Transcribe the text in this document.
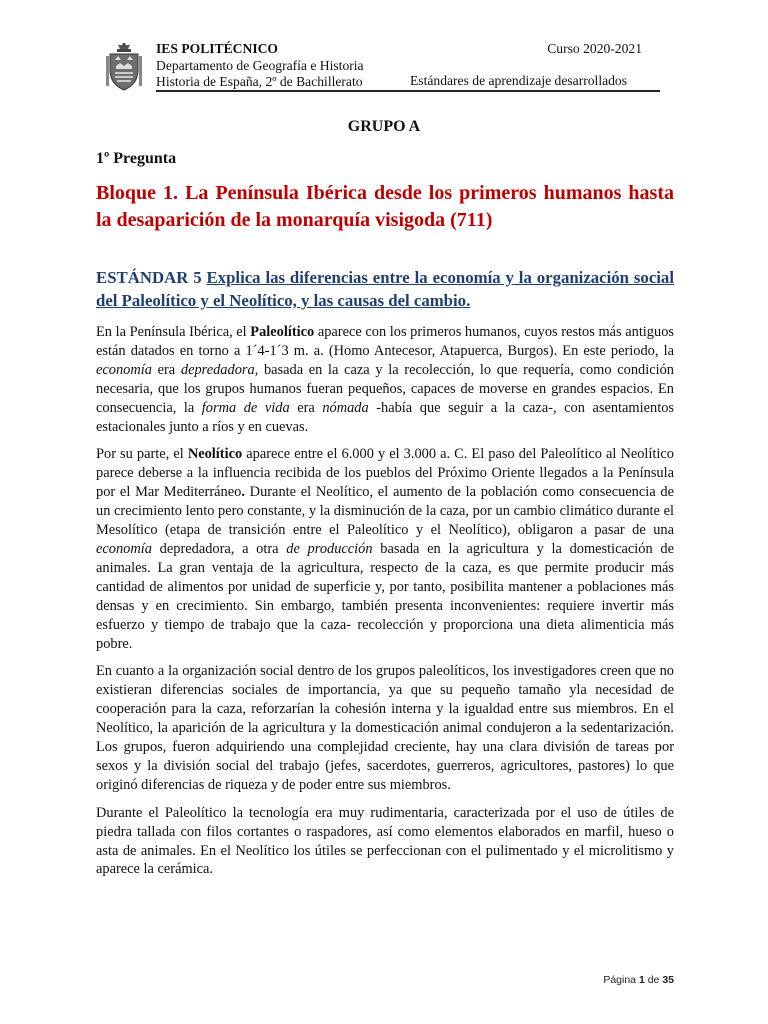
IES POLITÉCNICO
Departamento de Geografía e Historia
Historia de España, 2º de Bachillerato
Curso 2020-2021
Estándares de aprendizaje desarrollados
GRUPO A
1º Pregunta
Bloque 1. La Península Ibérica desde los primeros humanos hasta la desaparición de la monarquía visigoda (711)
ESTÁNDAR 5 Explica las diferencias entre la economía y la organización social del Paleolítico y el Neolítico, y las causas del cambio.

En la Península Ibérica, el Paleolítico aparece con los primeros humanos, cuyos restos más antiguos están datados en torno a 1´4-1´3 m. a. (Homo Antecesor, Atapuerca, Burgos). En este periodo, la economía era depredadora, basada en la caza y la recolección, lo que requería, como condición necesaria, que los grupos humanos fueran pequeños, capaces de moverse en grandes espacios. En consecuencia, la forma de vida era nómada -había que seguir a la caza-, con asentamientos estacionales junto a ríos y en cuevas.

Por su parte, el Neolítico aparece entre el 6.000 y el 3.000 a. C. El paso del Paleolítico al Neolítico parece deberse a la influencia recibida de los pueblos del Próximo Oriente llegados a la Península por el Mar Mediterráneo. Durante el Neolítico, el aumento de la población como consecuencia de un crecimiento lento pero constante, y la disminución de la caza, por un cambio climático durante el Mesolítico (etapa de transición entre el Paleolítico y el Neolítico), obligaron a pasar de una economía depredadora, a otra de producción basada en la agricultura y la domesticación de animales. La gran ventaja de la agricultura, respecto de la caza, es que permite producir más cantidad de alimentos por unidad de superficie y, por tanto, posibilita mantener a poblaciones más densas y en crecimiento. Sin embargo, también presenta inconvenientes: requiere invertir más esfuerzo y tiempo de trabajo que la caza- recolección y proporciona una dieta alimenticia más pobre.

En cuanto a la organización social dentro de los grupos paleolíticos, los investigadores creen que no existieran diferencias sociales de importancia, ya que su pequeño tamaño yla necesidad de cooperación para la caza, reforzarían la cohesión interna y la igualdad entre sus miembros. En el Neolítico, la aparición de la agricultura y la domesticación animal condujeron a la sedentarización. Los grupos, fueron adquiriendo una complejidad creciente, hay una clara división de tareas por sexos y la división social del trabajo (jefes, sacerdotes, guerreros, agricultores, pastores) lo que originó diferencias de riqueza y de poder entre sus miembros.

Durante el Paleolítico la tecnología era muy rudimentaria, caracterizada por el uso de útiles de piedra tallada con filos cortantes o raspadores, así como elementos elaborados en marfil, hueso o asta de animales. En el Neolítico los útiles se perfeccionan con el pulimentado y el microlitismo y aparece la cerámica.

Página 1 de 35
